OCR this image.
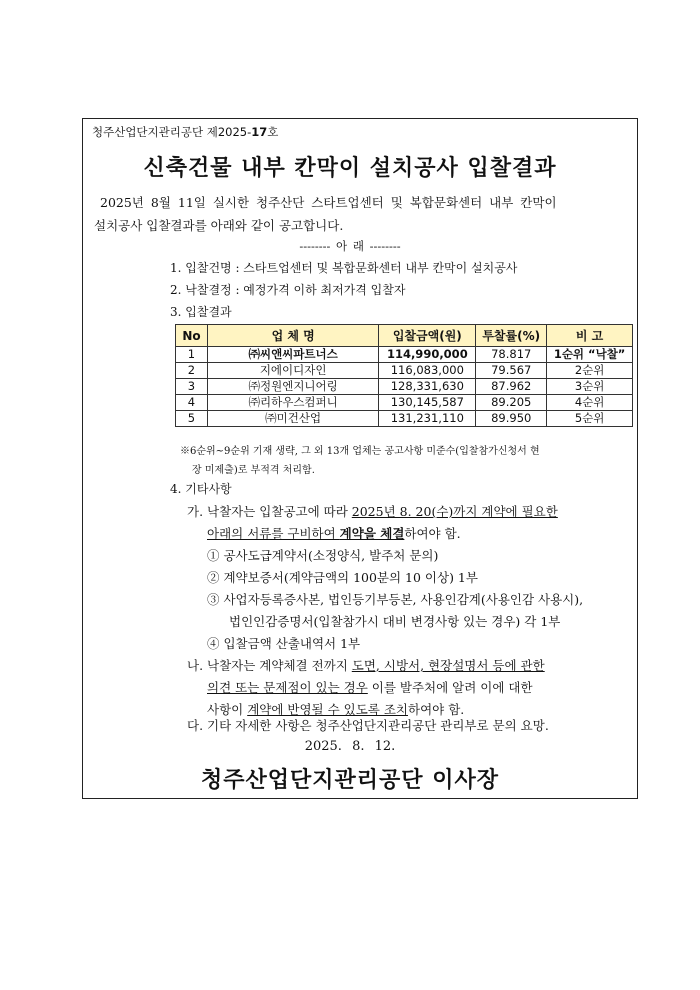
청주산업단지관리공단 제2025-17호
신축건물 내부 칸막이 설치공사 입찰결과
2025년 8월 11일 실시한 청주산단 스타트업센터 및 복합문화센터 내부 칸막이
설치공사 입찰결과를 아래와 같이 공고합니다.
-------- 아 래 --------
1. 입찰건명 : 스타트업센터 및 복합문화센터 내부 칸막이 설치공사
2. 낙찰결정 : 예정가격 이하 최저가격 입찰자
3. 입찰결과
No	업 체 명	입찰금액(원)	투찰률(%)	비 고
1	㈜씨앤씨파트너스	114,990,000	78.817	1순위 “낙찰”
2	지에이디자인	116,083,000	79.567	2순위
3	㈜정원엔지니어링	128,331,630	87.962	3순위
4	㈜리하우스컴퍼니	130,145,587	89.205	4순위
5	㈜미건산업	131,231,110	89.950	5순위
※6순위~9순위 기재 생략, 그 외 13개 업체는 공고사항 미준수(입찰참가신청서 현
장 미제출)로 부적격 처리함.
4. 기타사항
가. 낙찰자는 입찰공고에 따라 2025년 8. 20(수)까지 계약에 필요한
아래의 서류를 구비하여 계약을 체결하여야 함.
① 공사도급계약서(소정양식, 발주처 문의)
② 계약보증서(계약금액의 100분의 10 이상) 1부
③ 사업자등록증사본, 법인등기부등본, 사용인감계(사용인감 사용시),
법인인감증명서(입찰참가시 대비 변경사항 있는 경우) 각 1부
④ 입찰금액 산출내역서 1부
나. 낙찰자는 계약체결 전까지 도면, 시방서, 현장설명서 등에 관한
의견 또는 문제점이 있는 경우 이를 발주처에 알려 이에 대한
사항이 계약에 반영될 수 있도록 조치하여야 함.
다. 기타 자세한 사항은 청주산업단지관리공단 관리부로 문의 요망.
2025. 8. 12.
청주산업단지관리공단 이사장
